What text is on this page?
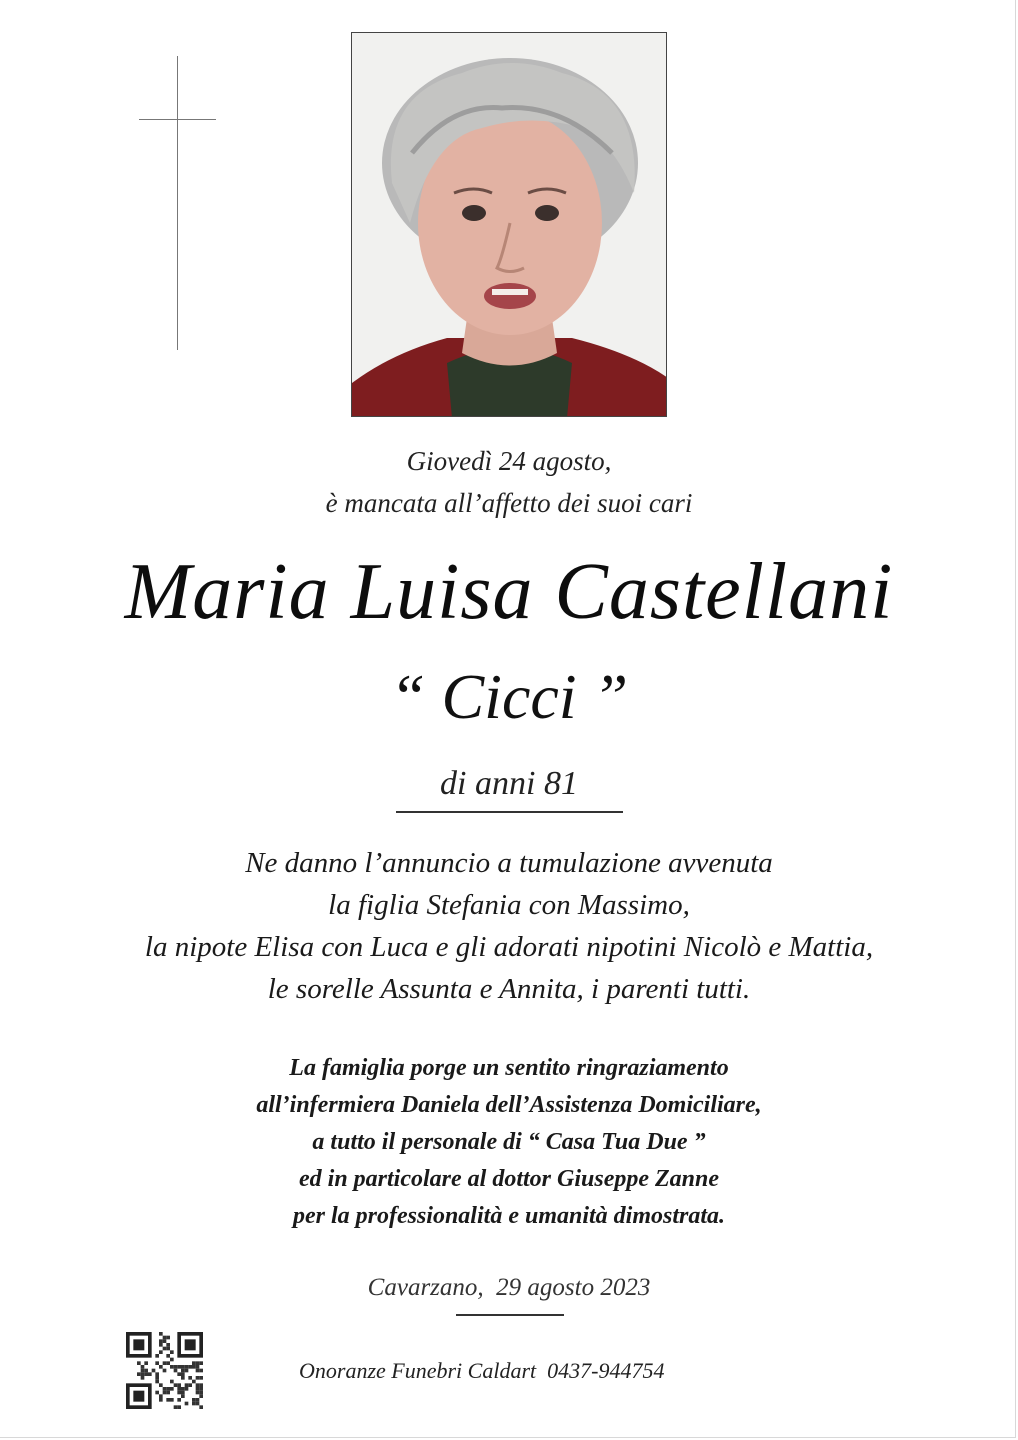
Giovedì 24 agosto,
è mancata all’affetto dei suoi cari
Maria Luisa Castellani
“ Cicci ”
di anni 81
Ne danno l’annuncio a tumulazione avvenuta
la figlia Stefania con Massimo,
la nipote Elisa con Luca e gli adorati nipotini Nicolò e Mattia,
le sorelle Assunta e Annita, i parenti tutti.
La famiglia porge un sentito ringraziamento
all’infermiera Daniela dell’Assistenza Domiciliare,
a tutto il personale di “ Casa Tua Due ”
ed in particolare al dottor Giuseppe Zanne
per la professionalità e umanità dimostrata.
Cavarzano,  29 agosto 2023
Onoranze Funebri Caldart  0437-944754
